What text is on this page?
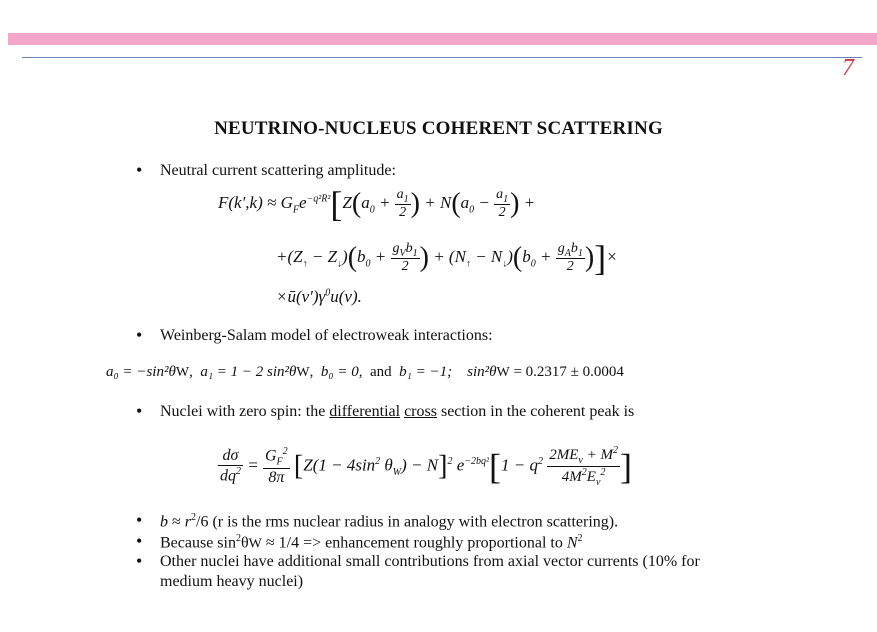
7
NEUTRINO-NUCLEUS COHERENT SCATTERING
• Neutral current scattering amplitude:
$F(k',k) \approx G_Fe^{-q^2R^2}[Z(a_0 + \frac{a_1}{2}$ ) + $N(a_0 - \frac{a_1}{2}$ ) +
$+(Z_↑ - Z_↓)(b_0 + \frac{g_Vb_1}{2}$ ) + $(N_↑ - N_↓)(b_0 + \frac{g_Ab_1}{2}$ )]×
$\times ū(v')\gamma^0u(v)$.
• Weinberg-Salam model of electroweak interactions:
a₀ = −sin²θW,  a₁ = 1 − 2 sin²θW,  b₀ = 0, and b₁ = −1; sin²θW = 0.2317 ± 0.0004
• Nuclei with zero spin: the differential cross section in the coherent peak is
$\frac{d\sigma}{dq^2} = \frac{G_F^2}{8\pi} [Z(1 - 4\sin^2$ $\theta_W) - N]^2$ $e^{-2bq^2}[1 - q^2 \frac{2ME_\nu + M^2}{4M^2E_\nu^2}$ ]
• $b \approx r^2/6$ (r is the rms nuclear radius in analogy with electron scattering).
• Because $\sin^2\theta W \approx 1/4$ => enhancement roughly proportional to $N^2$
• Other nuclei have additional small contributions from axial vector currents (10% for
medium heavy nuclei)
